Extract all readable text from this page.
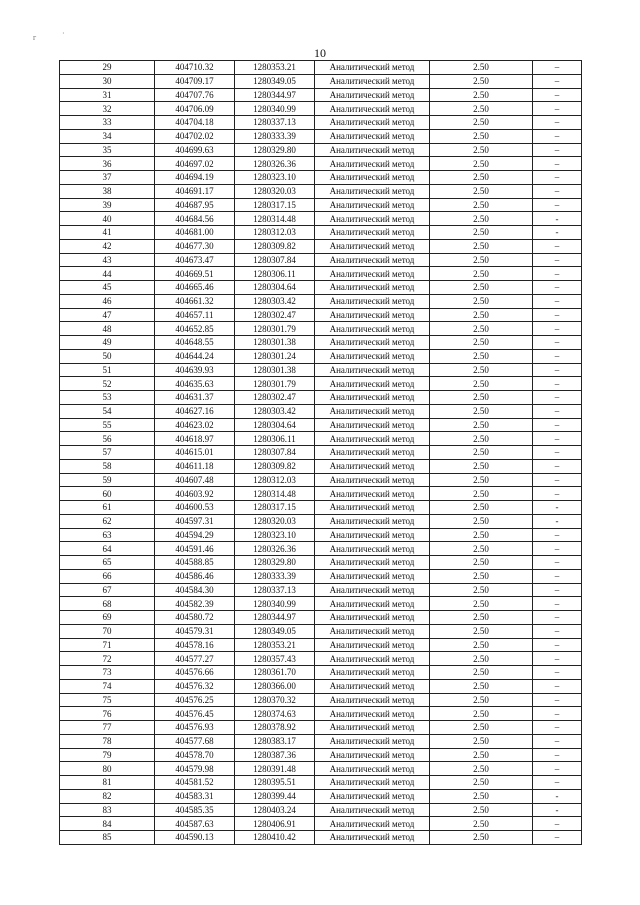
г	·
10
29	404710.32	1280353.21	Аналитический метод	2.50	–
30	404709.17	1280349.05	Аналитический метод	2.50	–
31	404707.76	1280344.97	Аналитический метод	2.50	–
32	404706.09	1280340.99	Аналитический метод	2.50	–
33	404704.18	1280337.13	Аналитический метод	2.50	–
34	404702.02	1280333.39	Аналитический метод	2.50	–
35	404699.63	1280329.80	Аналитический метод	2.50	–
36	404697.02	1280326.36	Аналитический метод	2.50	–
37	404694.19	1280323.10	Аналитический метод	2.50	–
38	404691.17	1280320.03	Аналитический метод	2.50	–
39	404687.95	1280317.15	Аналитический метод	2.50	–
40	404684.56	1280314.48	Аналитический метод	2.50	-
41	404681.00	1280312.03	Аналитический метод	2.50	-
42	404677.30	1280309.82	Аналитический метод	2.50	–
43	404673.47	1280307.84	Аналитический метод	2.50	–
44	404669.51	1280306.11	Аналитический метод	2.50	–
45	404665.46	1280304.64	Аналитический метод	2.50	–
46	404661.32	1280303.42	Аналитический метод	2.50	–
47	404657.11	1280302.47	Аналитический метод	2.50	–
48	404652.85	1280301.79	Аналитический метод	2.50	–
49	404648.55	1280301.38	Аналитический метод	2.50	–
50	404644.24	1280301.24	Аналитический метод	2.50	–
51	404639.93	1280301.38	Аналитический метод	2.50	–
52	404635.63	1280301.79	Аналитический метод	2.50	–
53	404631.37	1280302.47	Аналитический метод	2.50	–
54	404627.16	1280303.42	Аналитический метод	2.50	–
55	404623.02	1280304.64	Аналитический метод	2.50	–
56	404618.97	1280306.11	Аналитический метод	2.50	–
57	404615.01	1280307.84	Аналитический метод	2.50	–
58	404611.18	1280309.82	Аналитический метод	2.50	–
59	404607.48	1280312.03	Аналитический метод	2.50	–
60	404603.92	1280314.48	Аналитический метод	2.50	–
61	404600.53	1280317.15	Аналитический метод	2.50	-
62	404597.31	1280320.03	Аналитический метод	2.50	-
63	404594.29	1280323.10	Аналитический метод	2.50	–
64	404591.46	1280326.36	Аналитический метод	2.50	–
65	404588.85	1280329.80	Аналитический метод	2.50	–
66	404586.46	1280333.39	Аналитический метод	2.50	–
67	404584.30	1280337.13	Аналитический метод	2.50	–
68	404582.39	1280340.99	Аналитический метод	2.50	–
69	404580.72	1280344.97	Аналитический метод	2.50	–
70	404579.31	1280349.05	Аналитический метод	2.50	–
71	404578.16	1280353.21	Аналитический метод	2.50	–
72	404577.27	1280357.43	Аналитический метод	2.50	–
73	404576.66	1280361.70	Аналитический метод	2.50	–
74	404576.32	1280366.00	Аналитический метод	2.50	–
75	404576.25	1280370.32	Аналитический метод	2.50	–
76	404576.45	1280374.63	Аналитический метод	2.50	–
77	404576.93	1280378.92	Аналитический метод	2.50	–
78	404577.68	1280383.17	Аналитический метод	2.50	–
79	404578.70	1280387.36	Аналитический метод	2.50	–
80	404579.98	1280391.48	Аналитический метод	2.50	–
81	404581.52	1280395.51	Аналитический метод	2.50	–
82	404583.31	1280399.44	Аналитический метод	2.50	-
83	404585.35	1280403.24	Аналитический метод	2.50	-
84	404587.63	1280406.91	Аналитический метод	2.50	–
85	404590.13	1280410.42	Аналитический метод	2.50	–
